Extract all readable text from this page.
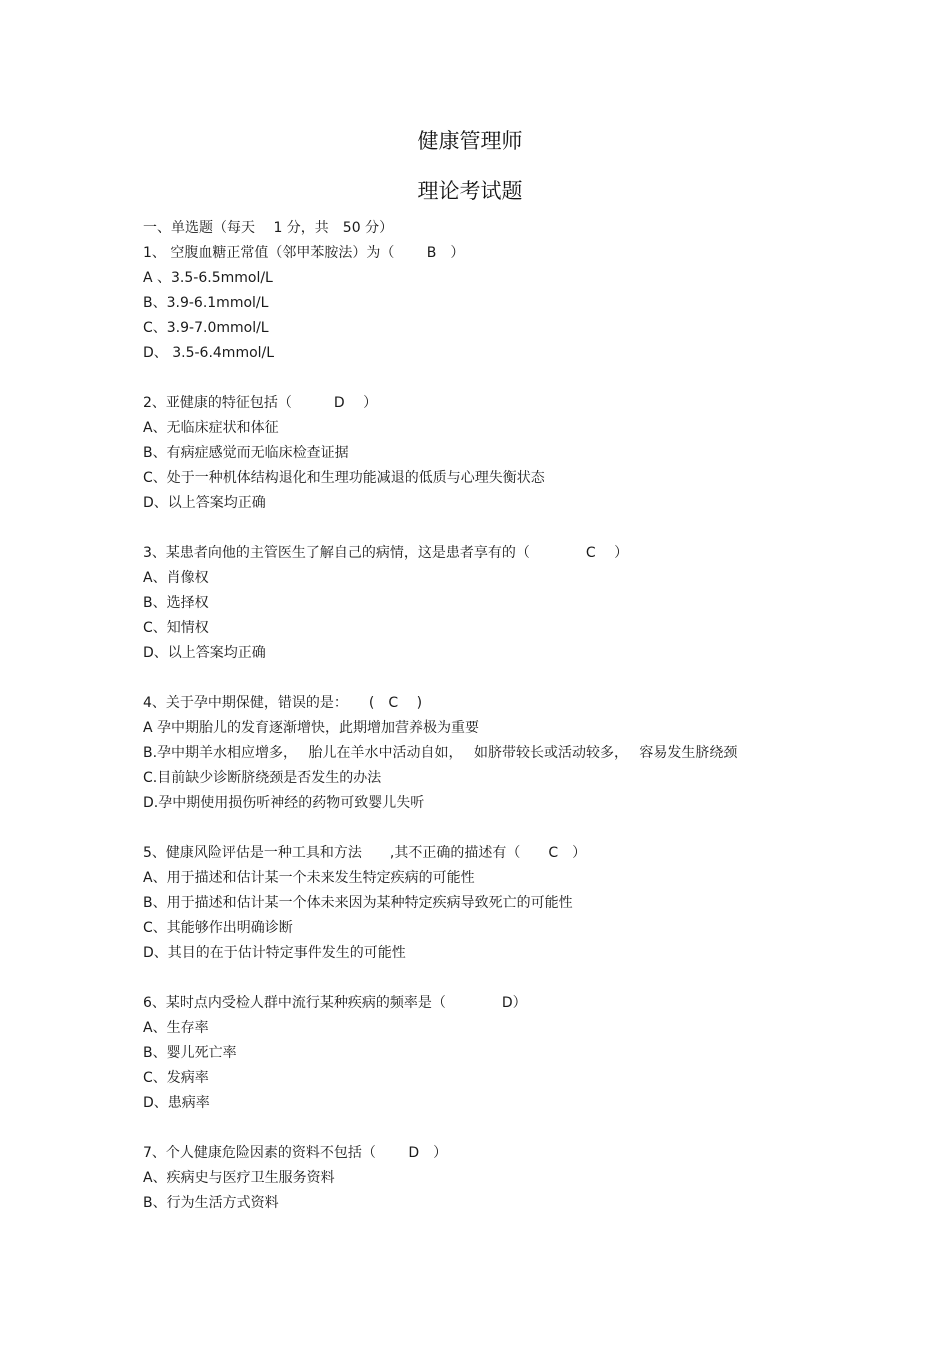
健康管理师
理论考试题
一、单选题（每天　 1 分，共　50 分）
1、 空腹血糖正常值（邻甲苯胺法）为（　　 B　）
A 、3.5-6.5mmol/L
B、3.9-6.1mmol/L
C、3.9-7.0mmol/L
D、 3.5-6.4mmol/L
2、亚健康的特征包括（　　　D　 ）
A、无临床症状和体征
B、有病症感觉而无临床检查证据
C、处于一种机体结构退化和生理功能减退的低质与心理失衡状态
D、以上答案均正确
3、某患者向他的主管医生了解自己的病情，这是患者享有的（　　　　C　 ）
A、肖像权
B、选择权
C、知情权
D、以上答案均正确
4、关于孕中期保健，错误的是：　　(　C　 )
A 孕中期胎儿的发育逐渐增快，此期增加营养极为重要
B.孕中期羊水相应增多，　 胎儿在羊水中活动自如，　 如脐带较长或活动较多，　 容易发生脐绕颈
C.目前缺少诊断脐绕颈是否发生的办法
D.孕中期使用损伤听神经的药物可致婴儿失听
5、健康风险评估是一种工具和方法　　,其不正确的描述有（　　C　）
A、用于描述和估计某一个未来发生特定疾病的可能性
B、用于描述和估计某一个体未来因为某种特定疾病导致死亡的可能性
C、其能够作出明确诊断
D、其目的在于估计特定事件发生的可能性
6、某时点内受检人群中流行某种疾病的频率是（　　　　D）
A、生存率
B、婴儿死亡率
C、发病率
D、患病率
7、个人健康危险因素的资料不包括（　　 D　）
A、疾病史与医疗卫生服务资料
B、行为生活方式资料
